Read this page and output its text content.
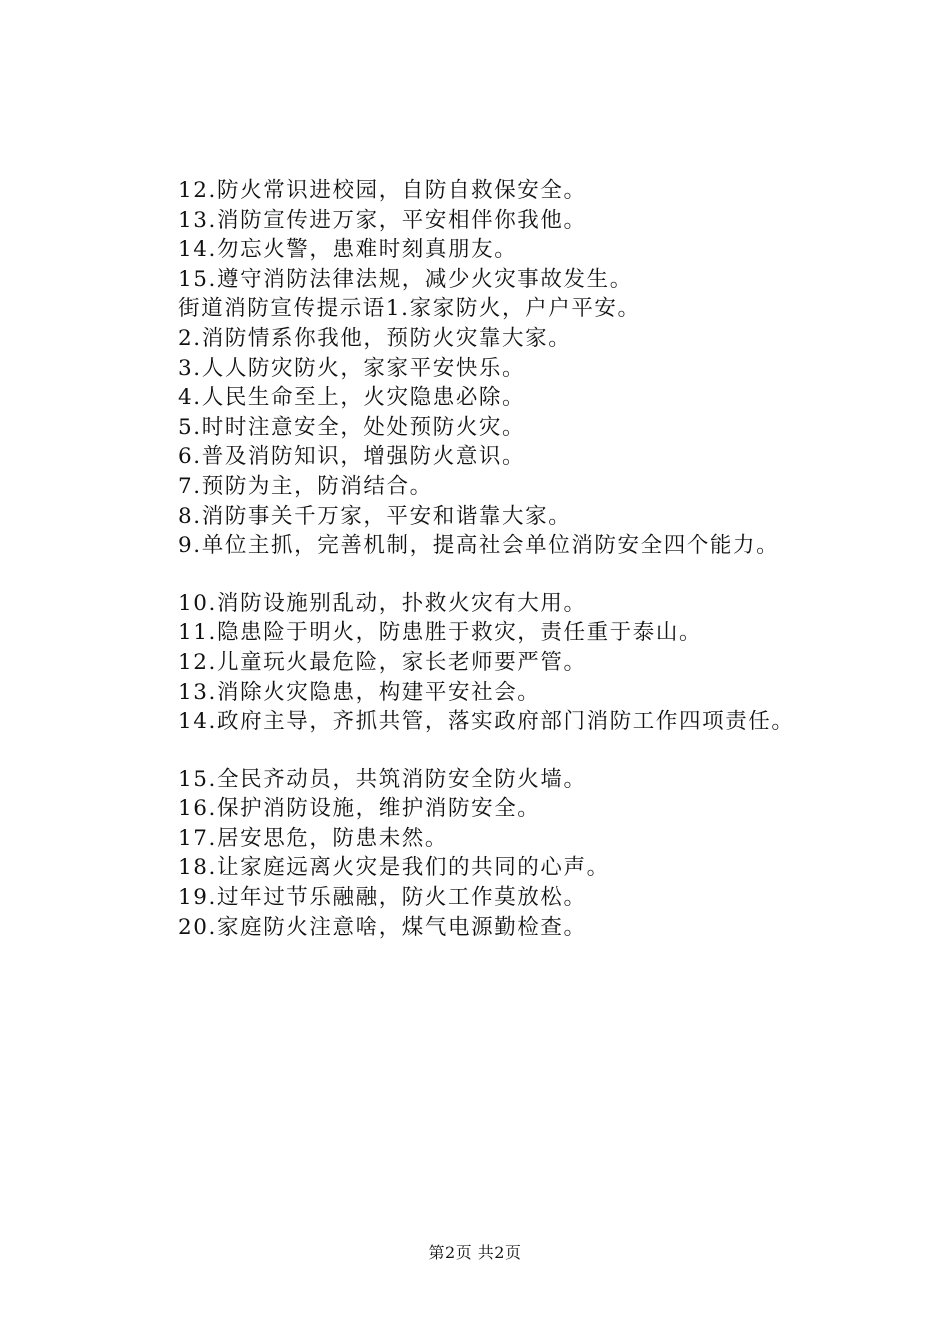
12.防火常识进校园，自防自救保安全。
13.消防宣传进万家，平安相伴你我他。
14.勿忘火警，患难时刻真朋友。
15.遵守消防法律法规，减少火灾事故发生。
街道消防宣传提示语1.家家防火，户户平安。
2.消防情系你我他，预防火灾靠大家。
3.人人防灾防火，家家平安快乐。
4.人民生命至上，火灾隐患必除。
5.时时注意安全，处处预防火灾。
6.普及消防知识，增强防火意识。
7.预防为主，防消结合。
8.消防事关千万家，平安和谐靠大家。
9.单位主抓，完善机制，提高社会单位消防安全四个能力。
10.消防设施别乱动，扑救火灾有大用。
11.隐患险于明火，防患胜于救灾，责任重于泰山。
12.儿童玩火最危险，家长老师要严管。
13.消除火灾隐患，构建平安社会。
14.政府主导，齐抓共管，落实政府部门消防工作四项责任。
15.全民齐动员，共筑消防安全防火墙。
16.保护消防设施，维护消防安全。
17.居安思危，防患未然。
18.让家庭远离火灾是我们的共同的心声。
19.过年过节乐融融，防火工作莫放松。
20.家庭防火注意啥，煤气电源勤检查。
第2页 共2页
